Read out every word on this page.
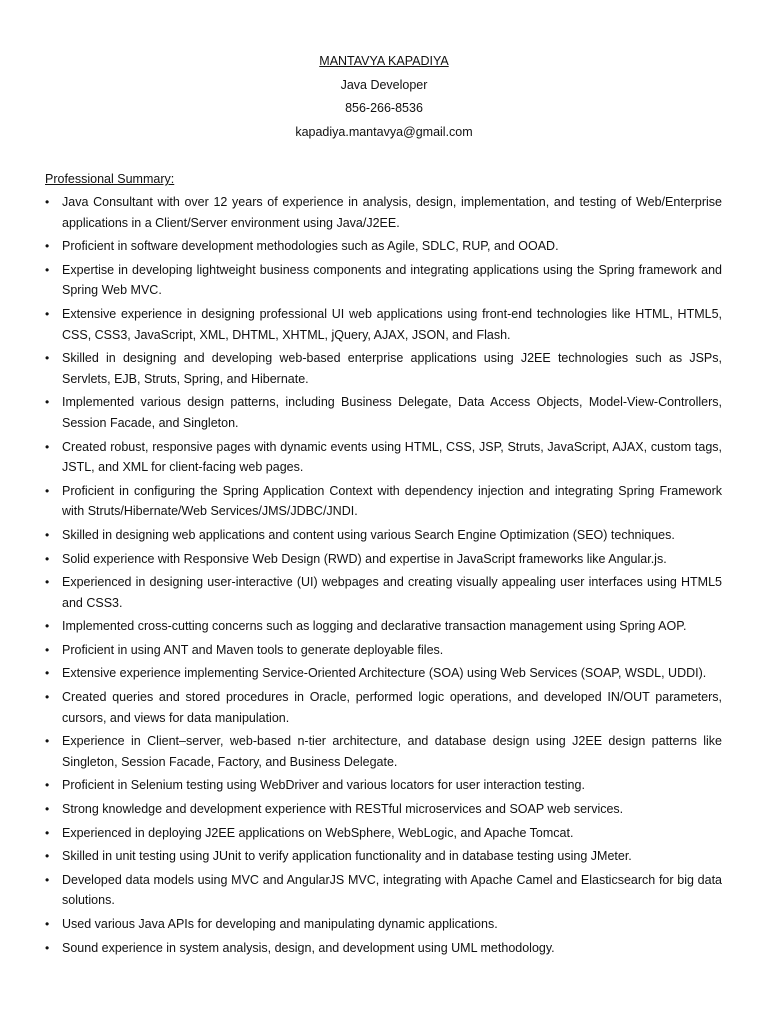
MANTAVYA KAPADIYA
Java Developer
856-266-8536
kapadiya.mantavya@gmail.com

Professional Summary:

• Java Consultant with over 12 years of experience in analysis, design, implementation, and testing of Web/Enterprise applications in a Client/Server environment using Java/J2EE.
• Proficient in software development methodologies such as Agile, SDLC, RUP, and OOAD.
• Expertise in developing lightweight business components and integrating applications using the Spring framework and Spring Web MVC.
• Extensive experience in designing professional UI web applications using front-end technologies like HTML, HTML5, CSS, CSS3, JavaScript, XML, DHTML, XHTML, jQuery, AJAX, JSON, and Flash.
• Skilled in designing and developing web-based enterprise applications using J2EE technologies such as JSPs, Servlets, EJB, Struts, Spring, and Hibernate.
• Implemented various design patterns, including Business Delegate, Data Access Objects, Model-View-Controllers, Session Facade, and Singleton.
• Created robust, responsive pages with dynamic events using HTML, CSS, JSP, Struts, JavaScript, AJAX, custom tags, JSTL, and XML for client-facing web pages.
• Proficient in configuring the Spring Application Context with dependency injection and integrating Spring Framework with Struts/Hibernate/Web Services/JMS/JDBC/JNDI.
• Skilled in designing web applications and content using various Search Engine Optimization (SEO) techniques.
• Solid experience with Responsive Web Design (RWD) and expertise in JavaScript frameworks like Angular.js.
• Experienced in designing user-interactive (UI) webpages and creating visually appealing user interfaces using HTML5 and CSS3.
• Implemented cross-cutting concerns such as logging and declarative transaction management using Spring AOP.
• Proficient in using ANT and Maven tools to generate deployable files.
• Extensive experience implementing Service-Oriented Architecture (SOA) using Web Services (SOAP, WSDL, UDDI).
• Created queries and stored procedures in Oracle, performed logic operations, and developed IN/OUT parameters, cursors, and views for data manipulation.
• Experience in Client–server, web-based n-tier architecture, and database design using J2EE design patterns like Singleton, Session Facade, Factory, and Business Delegate.
• Proficient in Selenium testing using WebDriver and various locators for user interaction testing.
• Strong knowledge and development experience with RESTful microservices and SOAP web services.
• Experienced in deploying J2EE applications on WebSphere, WebLogic, and Apache Tomcat.
• Skilled in unit testing using JUnit to verify application functionality and in database testing using JMeter.
• Developed data models using MVC and AngularJS MVC, integrating with Apache Camel and Elasticsearch for big data solutions.
• Used various Java APIs for developing and manipulating dynamic applications.
• Sound experience in system analysis, design, and development using UML methodology.
